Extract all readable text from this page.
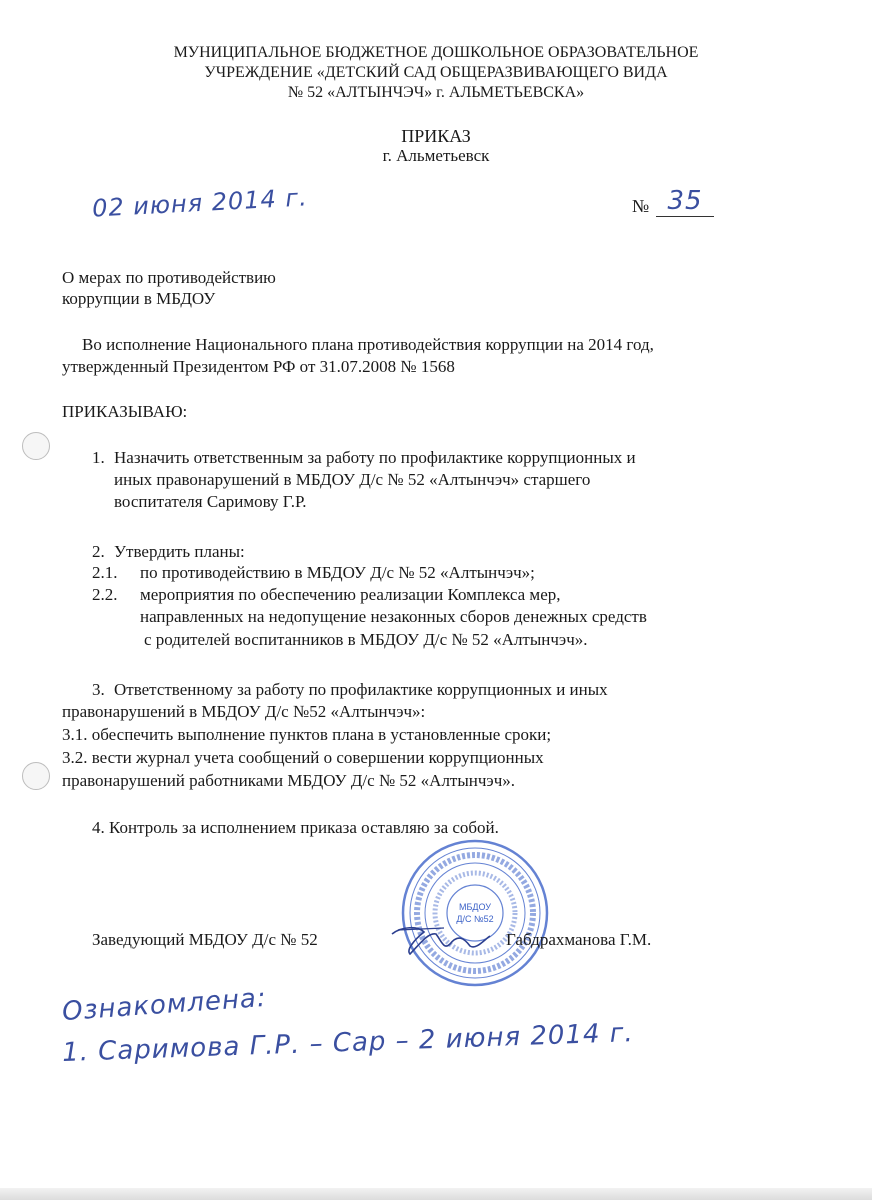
МУНИЦИПАЛЬНОЕ БЮДЖЕТНОЕ ДОШКОЛЬНОЕ ОБРАЗОВАТЕЛЬНОЕ
УЧРЕЖДЕНИЕ «ДЕТСКИЙ САД ОБЩЕРАЗВИВАЮЩЕГО ВИДА
№ 52 «АЛТЫНЧЭЧ» г. АЛЬМЕТЬЕВСКА»
ПРИКАЗ
г. Альметьевск
02 июня 2014 г.	№ 35
О мерах по противодействию
коррупции в МБДОУ
Во исполнение Национального плана противодействия коррупции на 2014 год,
утвержденный Президентом РФ от 31.07.2008 № 1568
ПРИКАЗЫВАЮ:
1. Назначить ответственным за работу по профилактике коррупционных и
иных правонарушений в МБДОУ Д/с № 52 «Алтынчэч» старшего
воспитателя Саримову Г.Р.
2. Утвердить планы:
2.1. по противодействию в МБДОУ Д/с № 52 «Алтынчэч»;
2.2. мероприятия по обеспечению реализации Комплекса мер,
направленных на недопущение незаконных сборов денежных средств
с родителей воспитанников в МБДОУ Д/с № 52 «Алтынчэч».
3. Ответственному за работу по профилактике коррупционных и иных
правонарушений в МБДОУ Д/с №52 «Алтынчэч»:
3.1. обеспечить выполнение пунктов плана в установленные сроки;
3.2. вести журнал учета сообщений о совершении коррупционных
правонарушений работниками МБДОУ Д/с № 52 «Алтынчэч».
4. Контроль за исполнением приказа оставляю за собой.
МБДОУ
Д/С №52
Заведующий МБДОУ Д/с № 52	Габдрахманова Г.М.
Ознакомлена:
1. Саримова Г.Р. – Сар – 2 июня 2014 г.
